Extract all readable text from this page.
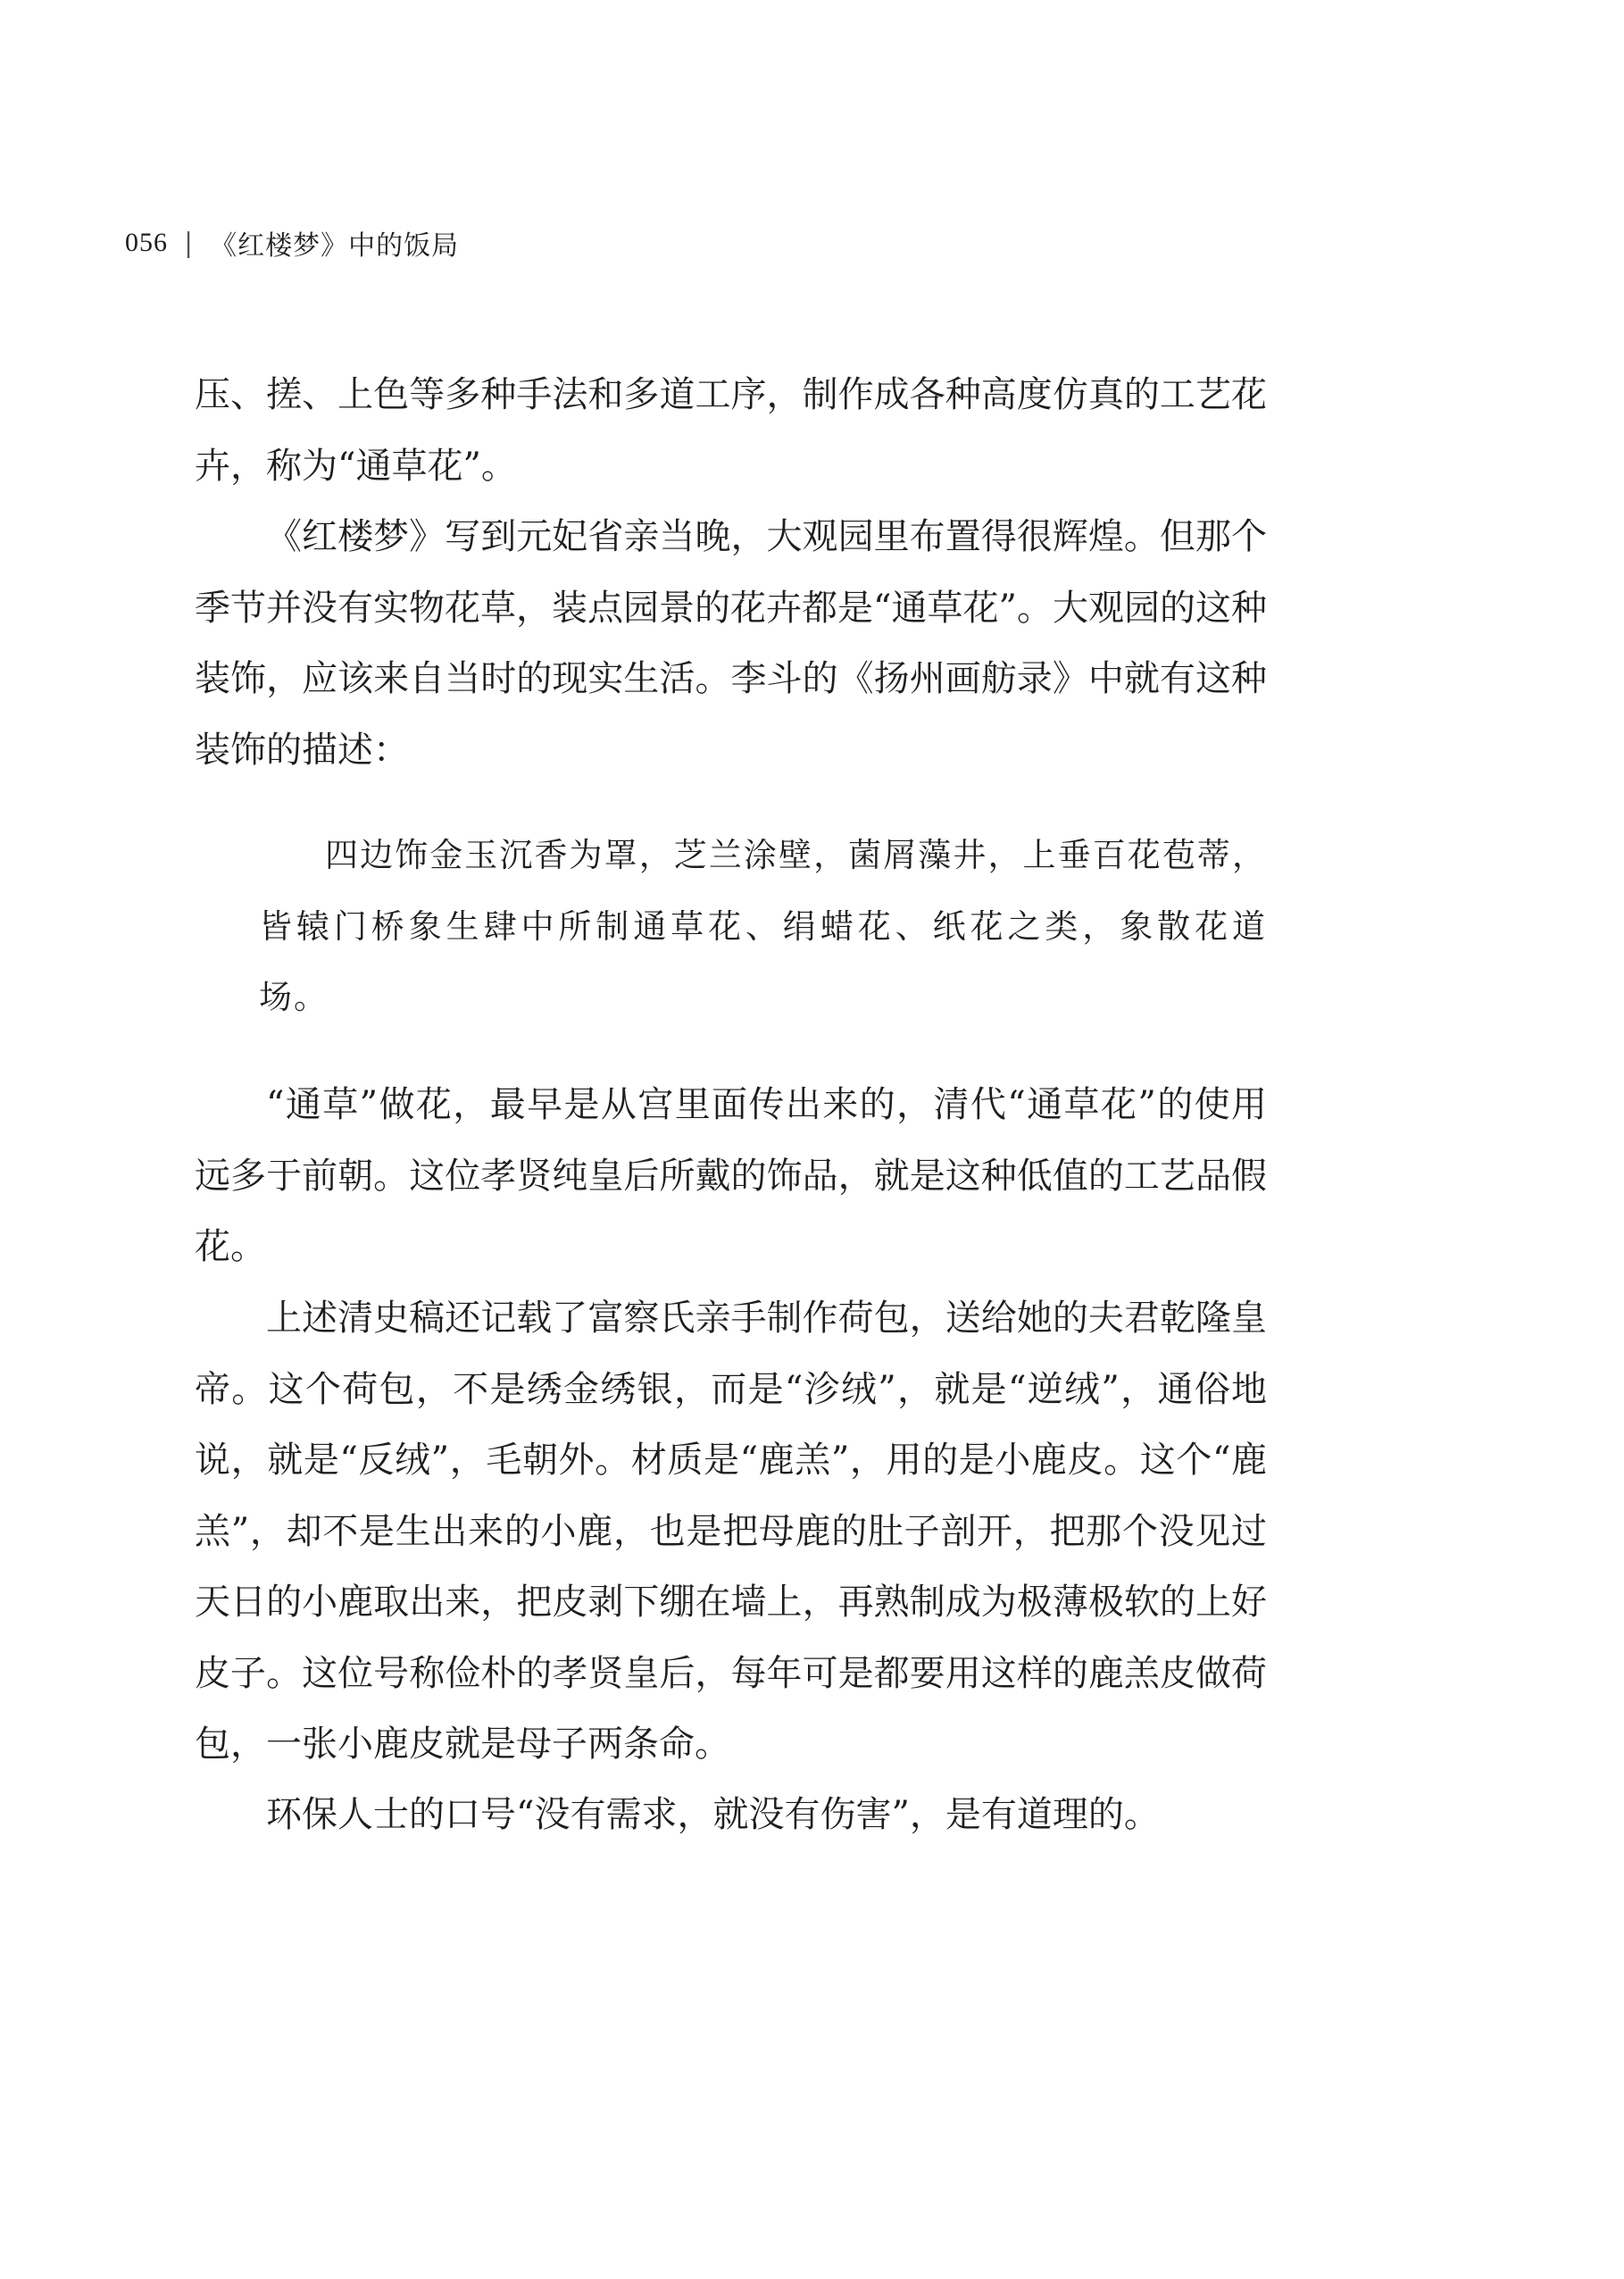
056 | 《红楼梦》中的饭局

压、搓、上色等多种手法和多道工序，制作成各种高度仿真的工艺花卉，称为“通草花”。

《红楼梦》写到元妃省亲当晚，大观园里布置得很辉煌。但那个季节并没有实物花草，装点园景的花卉都是“通草花”。大观园的这种装饰，应该来自当时的现实生活。李斗的《扬州画舫录》中就有这种装饰的描述：

四边饰金玉沉香为罩，芝兰涂壁，菌屑藻井，上垂百花苞蒂，皆辕门桥象生肆中所制通草花、绢蜡花、纸花之类，象散花道场。

“通草”做花，最早是从宫里面传出来的，清代“通草花”的使用远多于前朝。这位孝贤纯皇后所戴的饰品，就是这种低值的工艺品假花。

上述清史稿还记载了富察氏亲手制作荷包，送给她的夫君乾隆皇帝。这个荷包，不是绣金绣银，而是“沴绒”，就是“逆绒”，通俗地说，就是“反绒”，毛朝外。材质是“鹿羔”，用的是小鹿皮。这个“鹿羔”，却不是生出来的小鹿，也是把母鹿的肚子剖开，把那个没见过天日的小鹿取出来，把皮剥下绷在墙上，再熟制成为极薄极软的上好皮子。这位号称俭朴的孝贤皇后，每年可是都要用这样的鹿羔皮做荷包，一张小鹿皮就是母子两条命。

环保人士的口号“没有需求，就没有伤害”，是有道理的。
